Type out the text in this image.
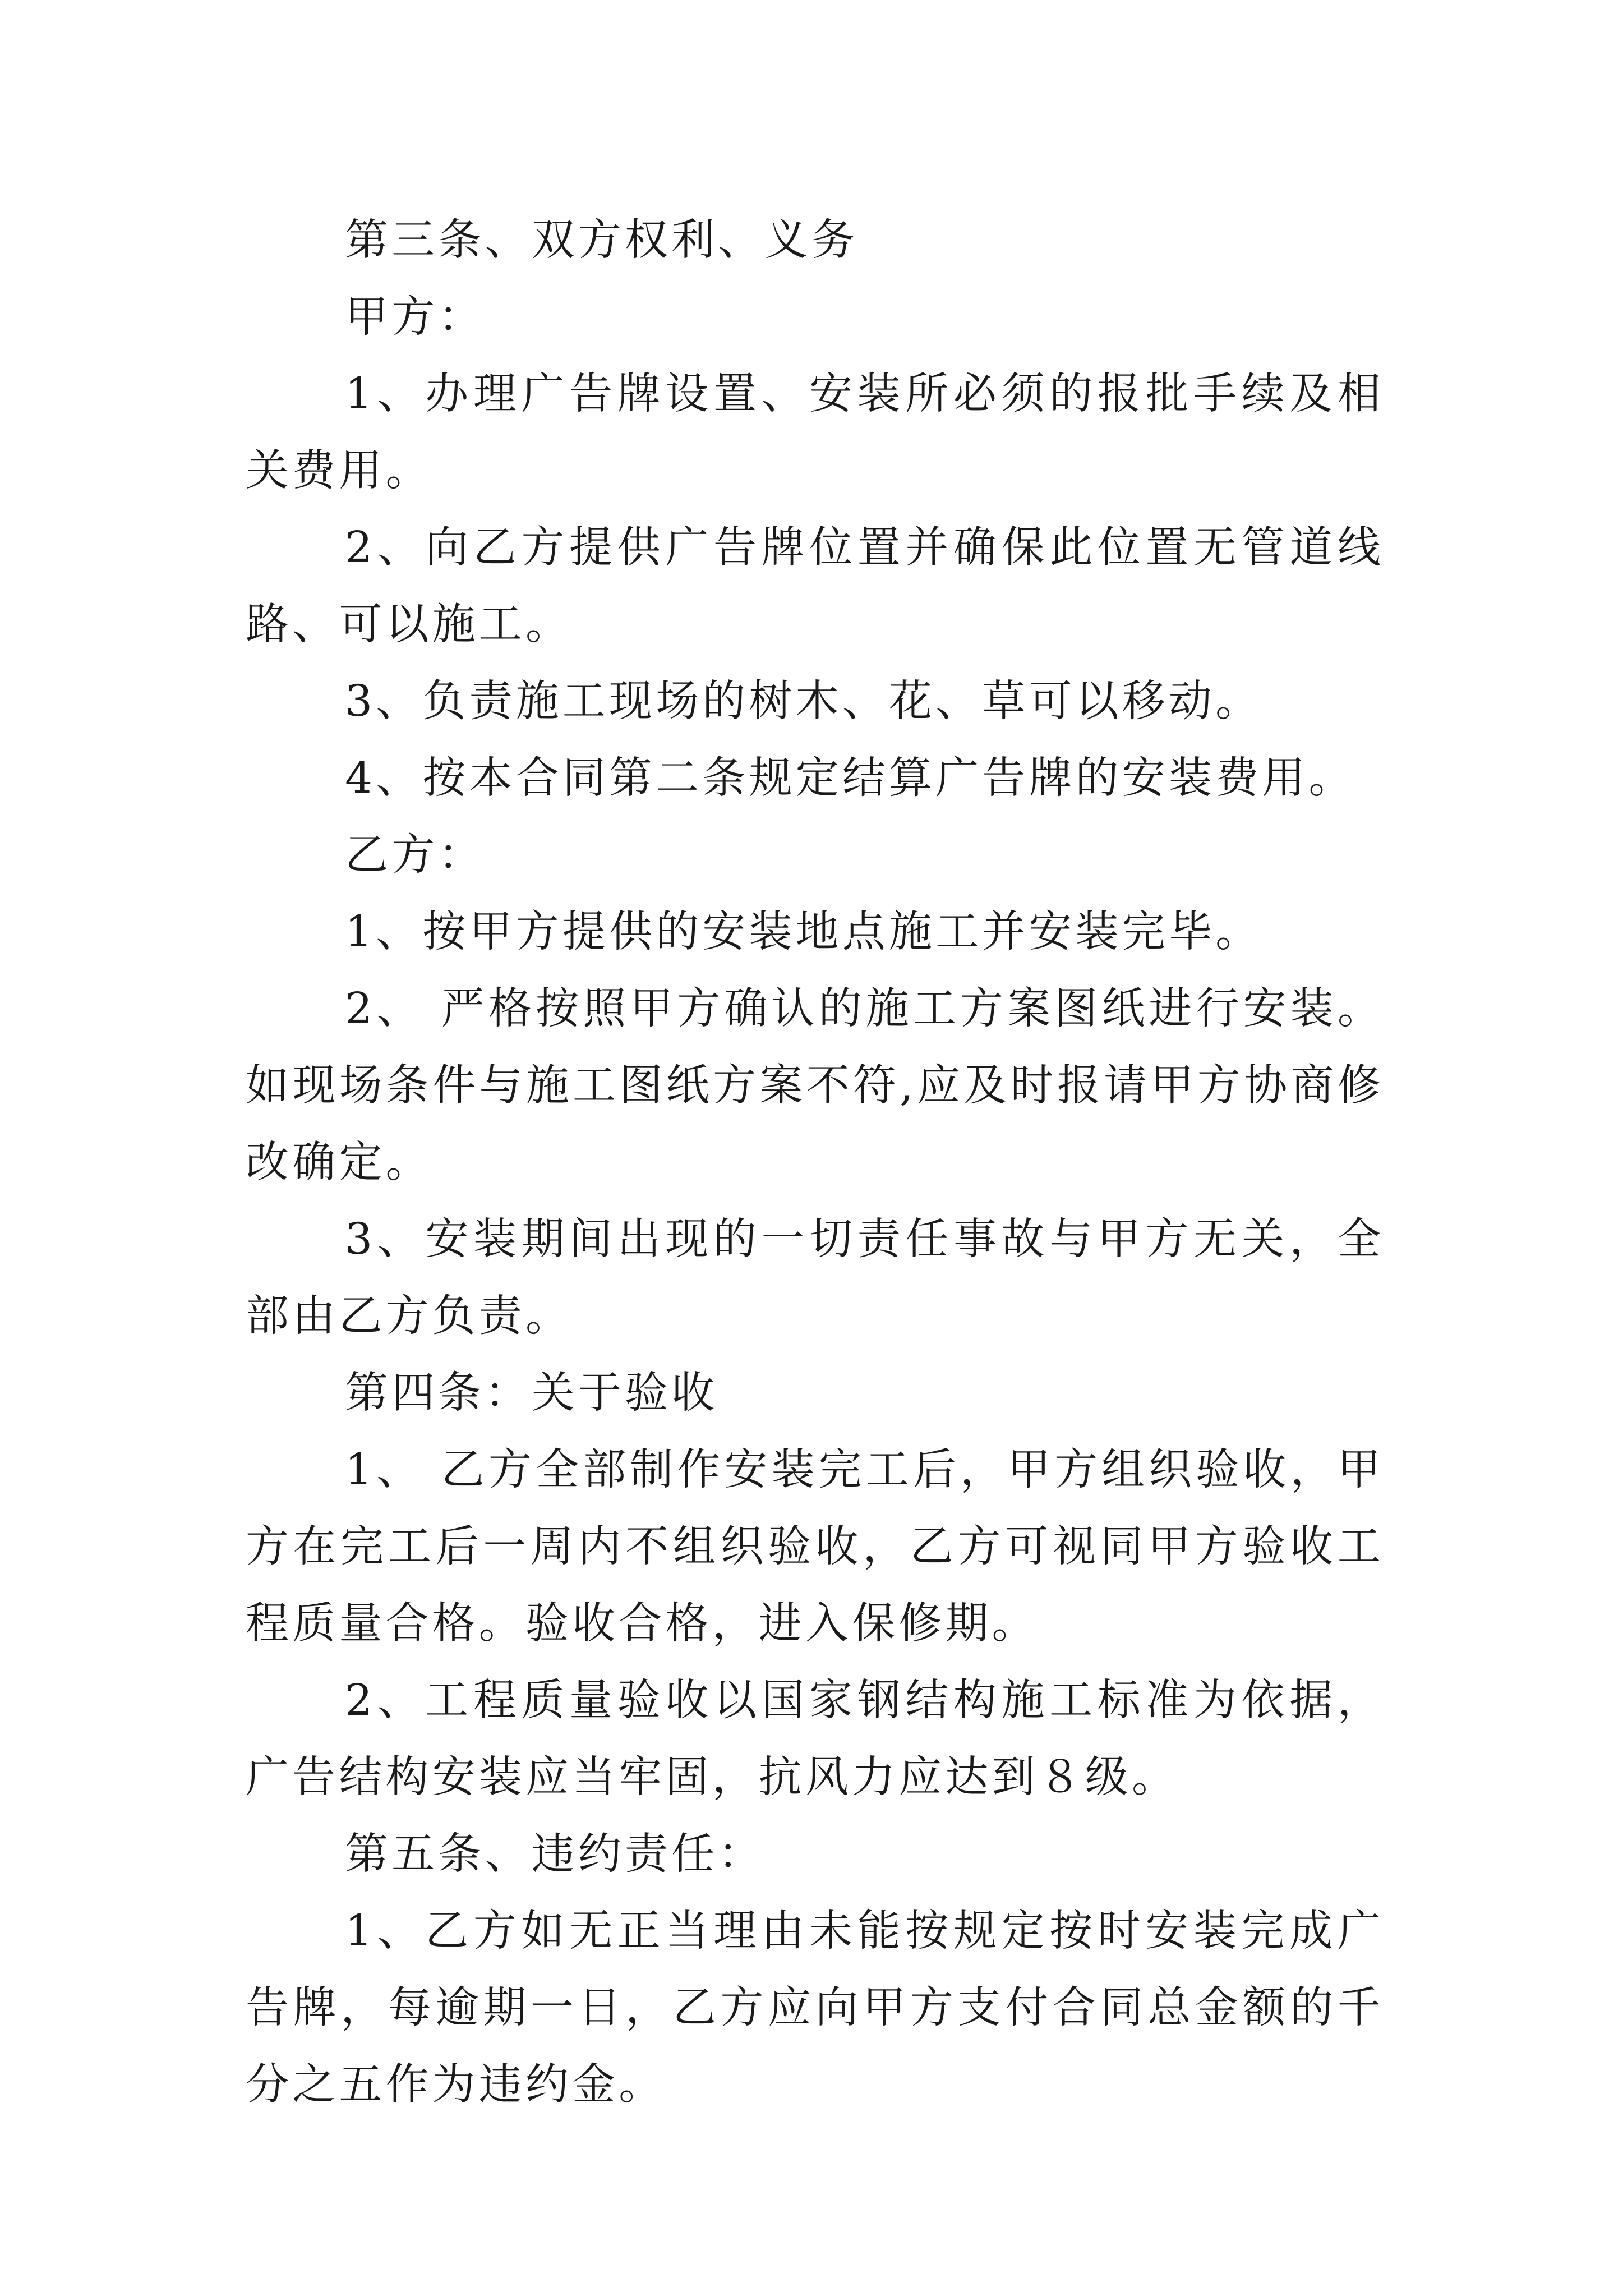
第三条、双方权利、义务

甲方：

1、办理广告牌设置、安装所必须的报批手续及相关费用。

2、向乙方提供广告牌位置并确保此位置无管道线路、可以施工。

3、负责施工现场的树木、花、草可以移动。

4、按本合同第二条规定结算广告牌的安装费用。

乙方：

1、按甲方提供的安装地点施工并安装完毕。

2、 严格按照甲方确认的施工方案图纸进行安装。如现场条件与施工图纸方案不符,应及时报请甲方协商修改确定。

3、安装期间出现的一切责任事故与甲方无关，全部由乙方负责。

第四条：关于验收

1、 乙方全部制作安装完工后，甲方组织验收，甲方在完工后一周内不组织验收，乙方可视同甲方验收工程质量合格。验收合格，进入保修期。

2、工程质量验收以国家钢结构施工标准为依据，广告结构安装应当牢固，抗风力应达到８级。

第五条、违约责任：

1、乙方如无正当理由未能按规定按时安装完成广告牌，每逾期一日，乙方应向甲方支付合同总金额的千分之五作为违约金。
